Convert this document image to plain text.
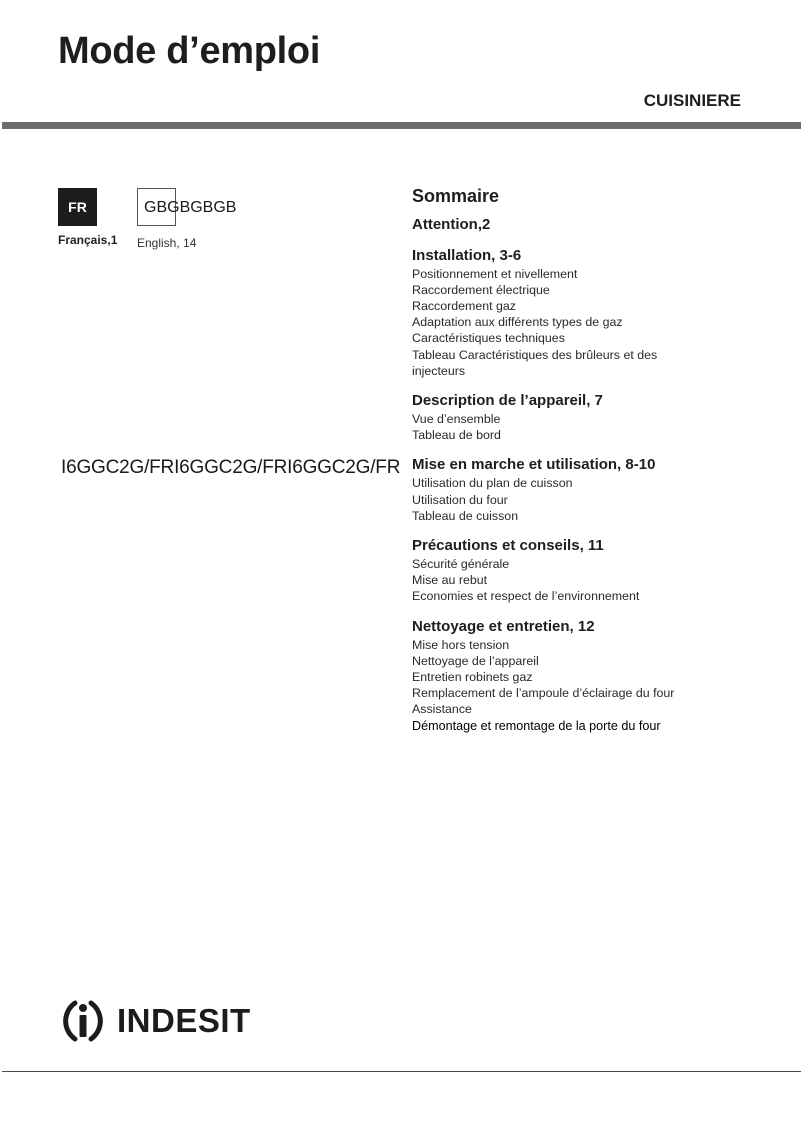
Mode d’emploi
CUISINIERE
FR
Français,1
GBGBGBGB
English, 14
I6GGC2G/FRI6GGC2G/FRI6GGC2G/FR
Sommaire
Attention,2
Installation, 3-6
Positionnement et nivellement
Raccordement électrique
Raccordement gaz
Adaptation aux différents types de gaz
Caractéristiques techniques
Tableau Caractéristiques des brûleurs et des
injecteurs
Description de l’appareil, 7
Vue d’ensemble
Tableau de bord
Mise en marche et utilisation, 8-10
Utilisation du plan de cuisson
Utilisation du four
Tableau de cuisson
Précautions et conseils, 11
Sécurité générale
Mise au rebut
Economies et respect de l’environnement
Nettoyage et entretien, 12
Mise hors tension
Nettoyage de l’appareil
Entretien robinets gaz
Remplacement de l’ampoule d’éclairage du four
Assistance
Démontage et remontage de la porte du four
INDESIT
